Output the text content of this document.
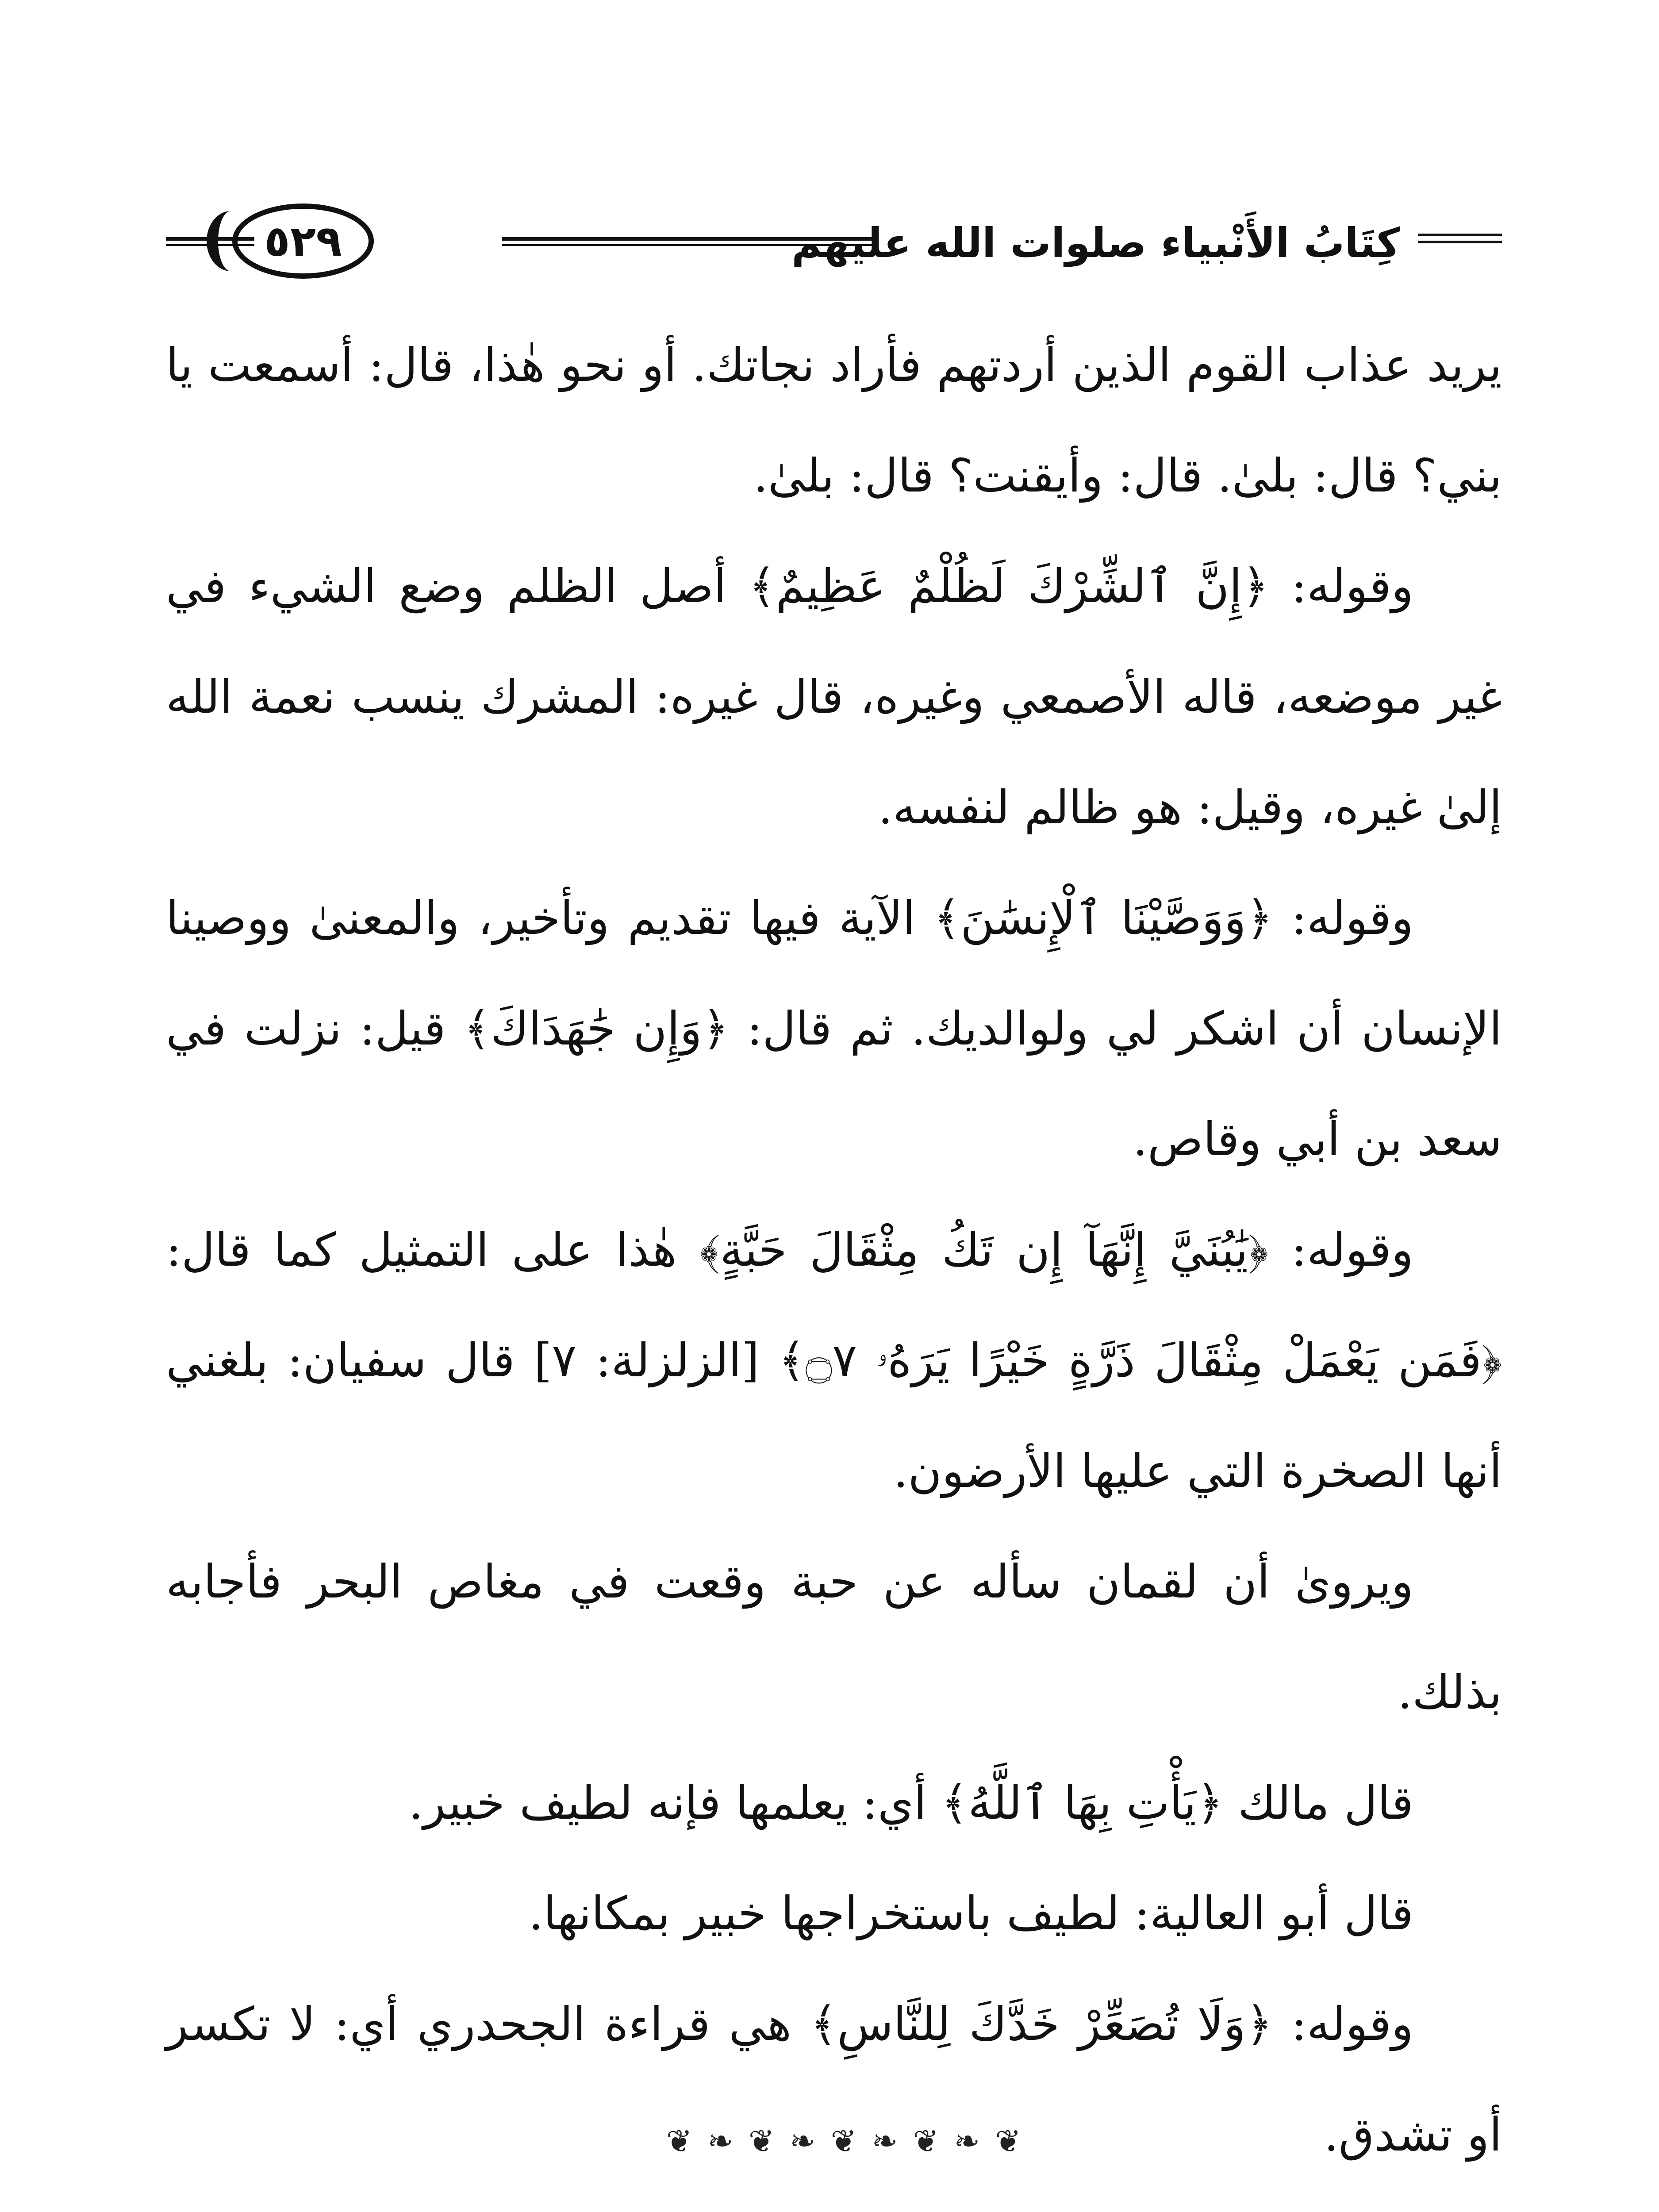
كِتَابُ الأَنْبياء صلوات الله عليهم
٥٢٩

يريد عذاب القوم الذين أردتهم فأراد نجاتك. أو نحو هٰذا، قال: أسمعت يا بني؟ قال: بلىٰ. قال: وأيقنت؟ قال: بلىٰ.

وقوله: ﴿إِنَّ ٱلشِّرْكَ لَظُلْمٌ عَظِيمٌ﴾ أصل الظلم وضع الشيء في غير موضعه، قاله الأصمعي وغيره، قال غيره: المشرك ينسب نعمة الله إلىٰ غيره، وقيل: هو ظالم لنفسه.

وقوله: ﴿وَوَصَّيْنَا ٱلْإِنسَٰنَ﴾ الآية فيها تقديم وتأخير، والمعنىٰ ووصينا الإنسان أن اشكر لي ولوالديك. ثم قال: ﴿وَإِن جَٰهَدَاكَ﴾ قيل: نزلت في سعد بن أبي وقاص.

وقوله: ﴿يَٰبُنَيَّ إِنَّهَآ إِن تَكُ مِثْقَالَ حَبَّةٍ﴾ هٰذا على التمثيل كما قال: ﴿فَمَن يَعْمَلْ مِثْقَالَ ذَرَّةٍ خَيْرًا يَرَهُۥ ۝٧﴾ [الزلزلة: ٧] قال سفيان: بلغني أنها الصخرة التي عليها الأرضون.

ويروىٰ أن لقمان سأله عن حبة وقعت في مغاص البحر فأجابه بذلك.

قال مالك ﴿يَأْتِ بِهَا ٱللَّهُ﴾ أي: يعلمها فإنه لطيف خبير.

قال أبو العالية: لطيف باستخراجها خبير بمكانها.

وقوله: ﴿وَلَا تُصَعِّرْ خَدَّكَ لِلنَّاسِ﴾ هي قراءة الجحدري أي: لا تكسر أو تشدق.

❦ ❧ ❦ ❧ ❦ ❧ ❦ ❧ ❦
